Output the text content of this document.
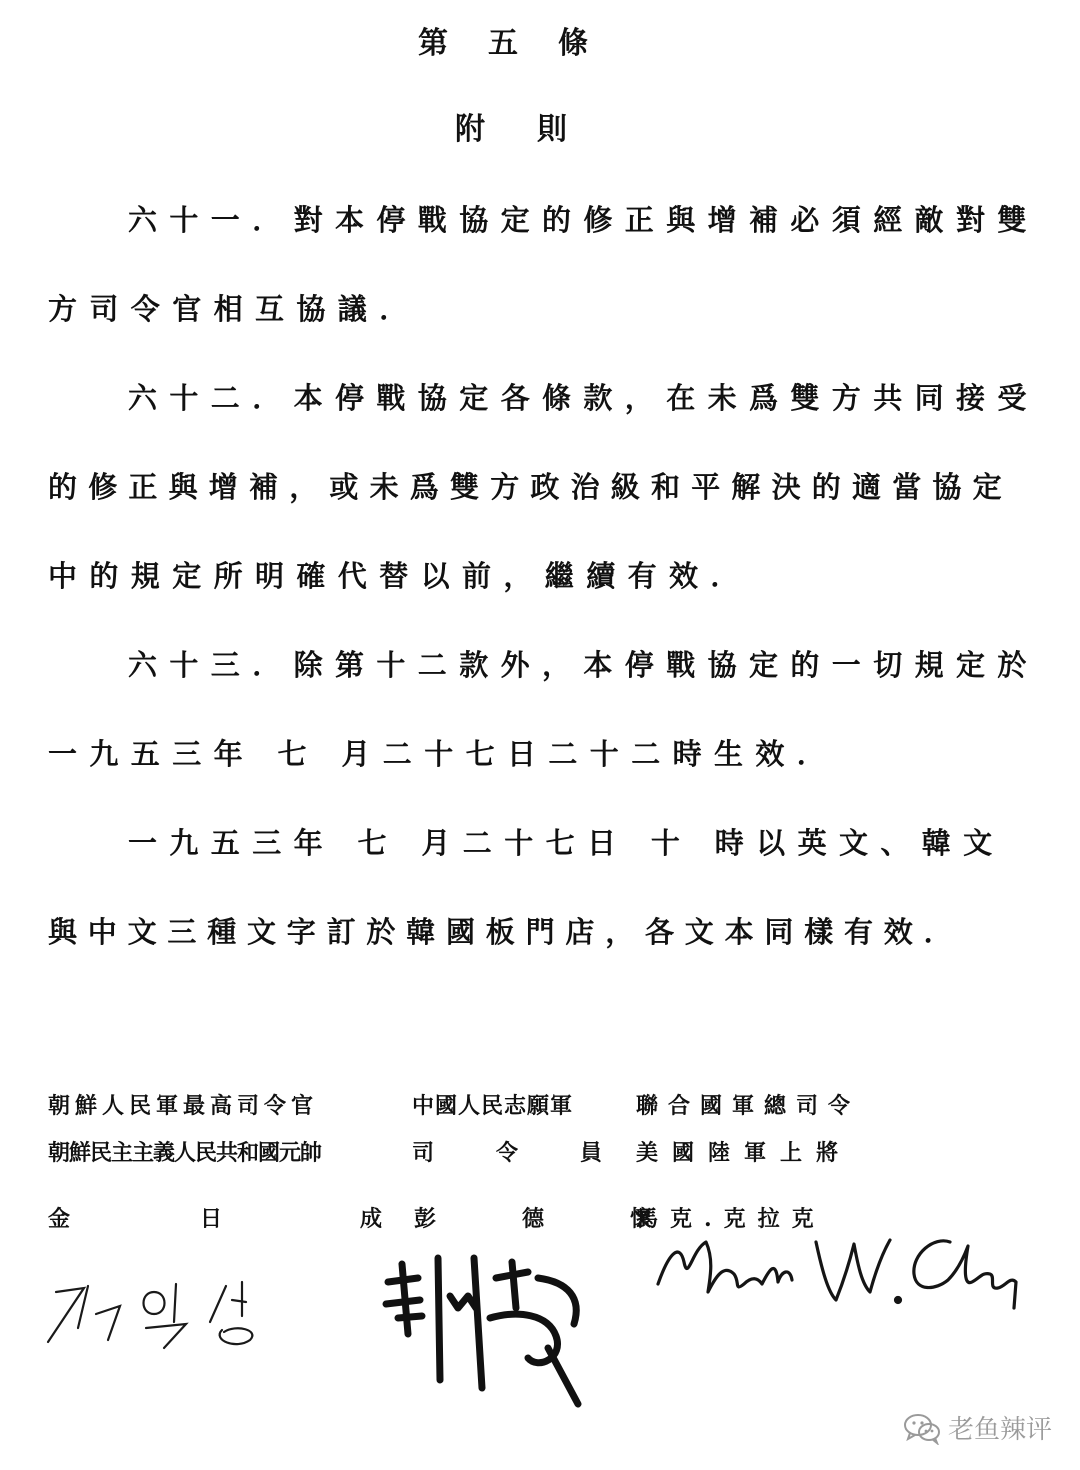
第五條
附則
六十一．對本停戰協定的修正與增補必須經敵對雙
方司令官相互協議．
六十二．本停戰協定各條款，在未爲雙方共同接受
的修正與增補，或未爲雙方政治級和平解決的適當協定
中的規定所明確代替以前，繼續有效．
六十三．除第十二款外，本停戰協定的一切規定於
一九五三年 七 月二十七日二十二時生效．
一九五三年 七 月二十七日 十 時以英文、韓文
與中文三種文字訂於韓國板門店，各文本同樣有效．
朝鮮人民軍最高司令官
朝鮮民主主義人民共和國元帥
金　　　日
中國人民志願軍
司　　令　　員
成彭　德　懷
聯合國軍總司令
美國陸軍上將
馬克.克拉克
老鱼辣评
